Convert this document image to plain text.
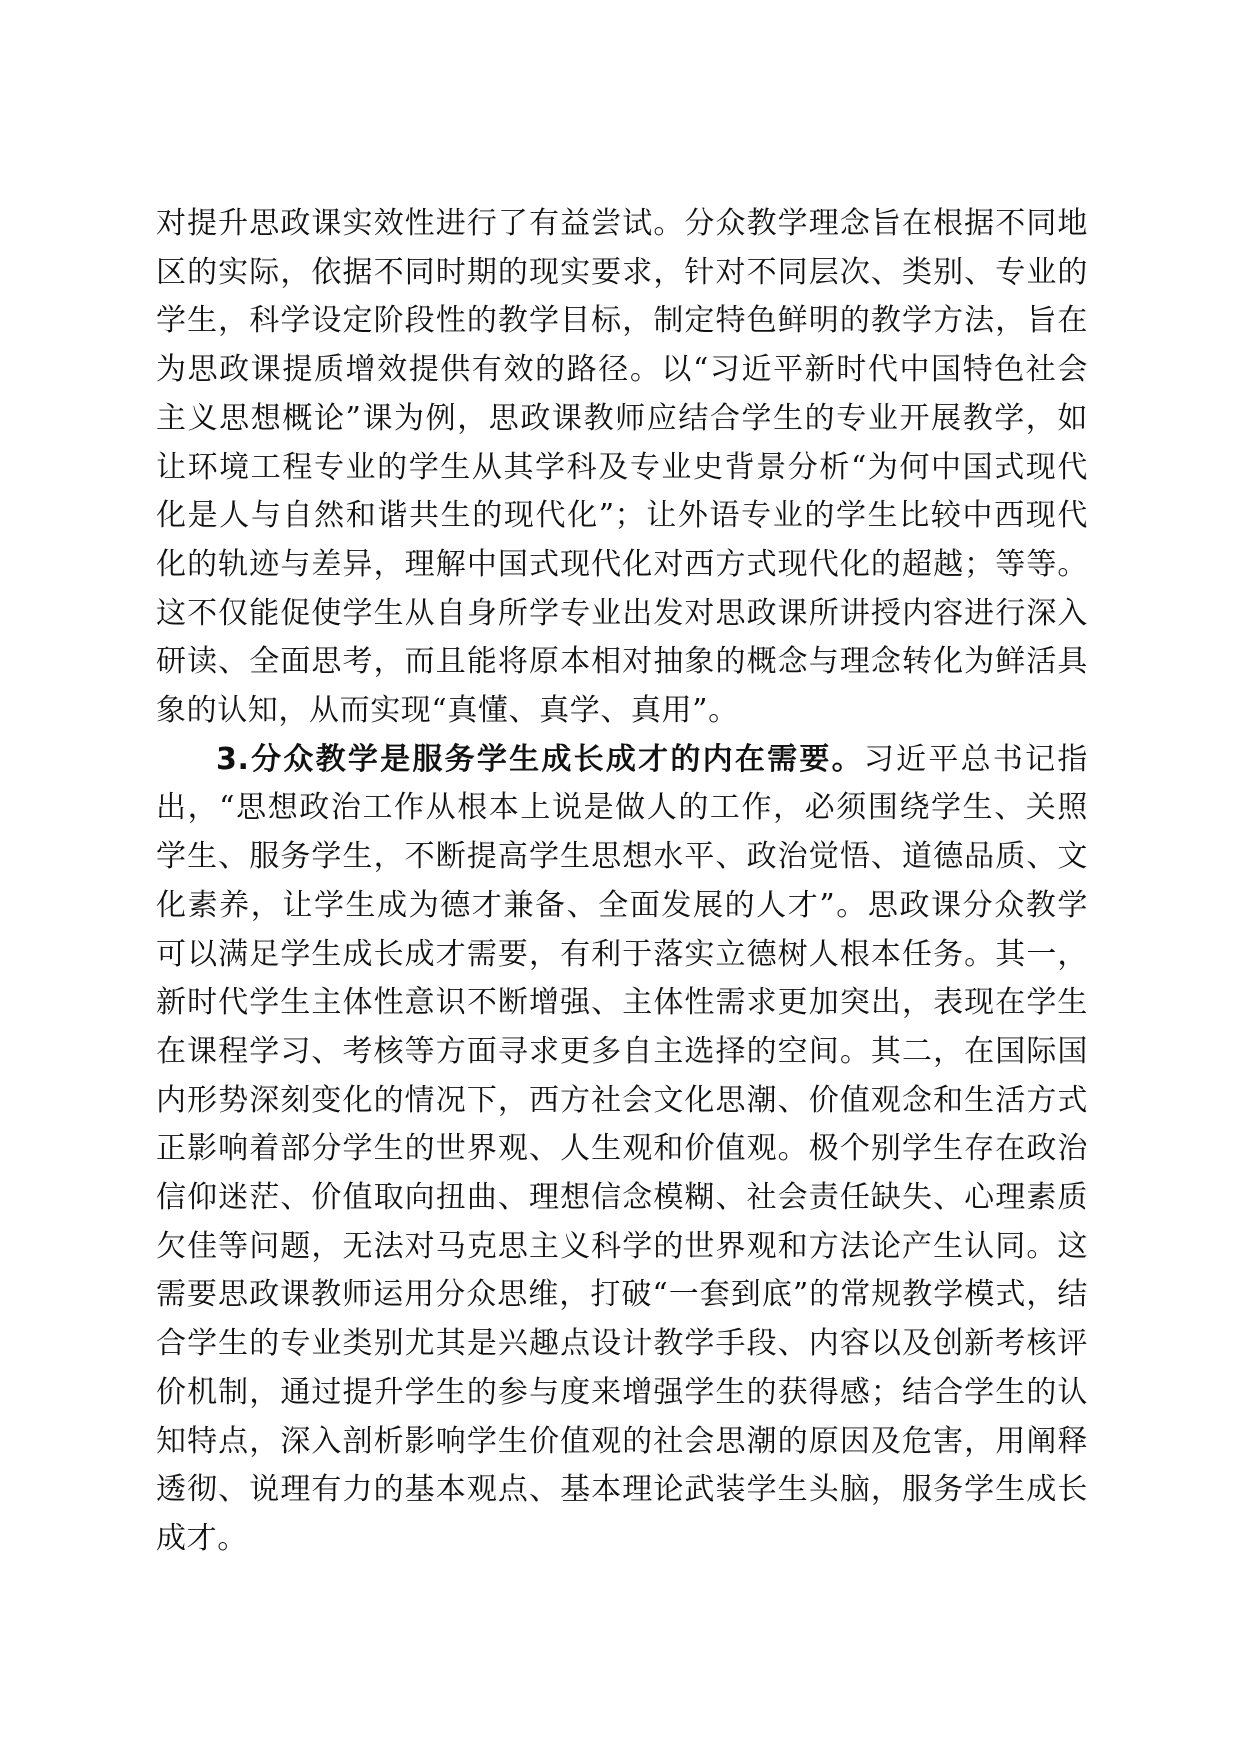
对提升思政课实效性进行了有益尝试。分众教学理念旨在根据不同地区的实际，依据不同时期的现实要求，针对不同层次、类别、专业的学生，科学设定阶段性的教学目标，制定特色鲜明的教学方法，旨在为思政课提质增效提供有效的路径。以“习近平新时代中国特色社会主义思想概论”课为例，思政课教师应结合学生的专业开展教学，如让环境工程专业的学生从其学科及专业史背景分析“为何中国式现代化是人与自然和谐共生的现代化”；让外语专业的学生比较中西现代化的轨迹与差异，理解中国式现代化对西方式现代化的超越；等等。这不仅能促使学生从自身所学专业出发对思政课所讲授内容进行深入研读、全面思考，而且能将原本相对抽象的概念与理念转化为鲜活具象的认知，从而实现“真懂、真学、真用”。

3.分众教学是服务学生成长成才的内在需要。习近平总书记指出，“思想政治工作从根本上说是做人的工作，必须围绕学生、关照学生、服务学生，不断提高学生思想水平、政治觉悟、道德品质、文化素养，让学生成为德才兼备、全面发展的人才”。思政课分众教学可以满足学生成长成才需要，有利于落实立德树人根本任务。其一，新时代学生主体性意识不断增强、主体性需求更加突出，表现在学生在课程学习、考核等方面寻求更多自主选择的空间。其二，在国际国内形势深刻变化的情况下，西方社会文化思潮、价值观念和生活方式正影响着部分学生的世界观、人生观和价值观。极个别学生存在政治信仰迷茫、价值取向扭曲、理想信念模糊、社会责任缺失、心理素质欠佳等问题，无法对马克思主义科学的世界观和方法论产生认同。这需要思政课教师运用分众思维，打破“一套到底”的常规教学模式，结合学生的专业类别尤其是兴趣点设计教学手段、内容以及创新考核评价机制，通过提升学生的参与度来增强学生的获得感；结合学生的认知特点，深入剖析影响学生价值观的社会思潮的原因及危害，用阐释透彻、说理有力的基本观点、基本理论武装学生头脑，服务学生成长成才。
